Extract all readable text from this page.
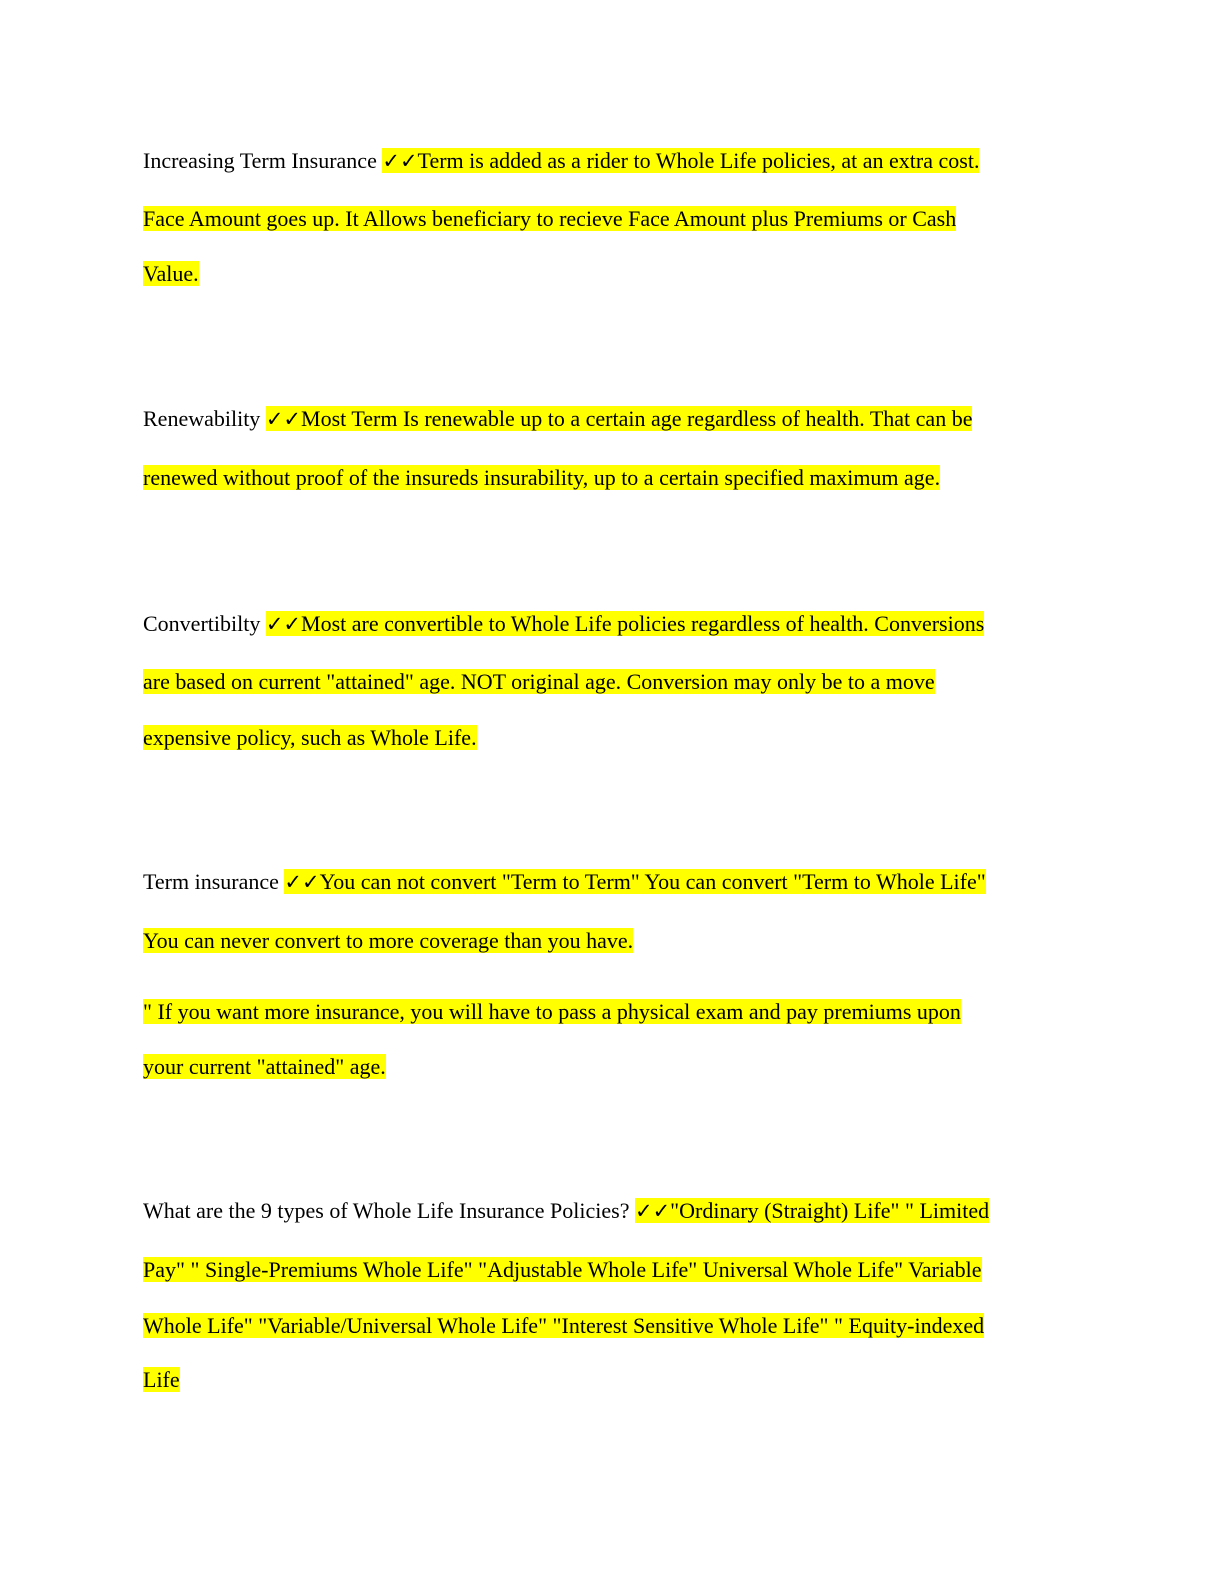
Increasing Term Insurance ✓✓Term is added as a rider to Whole Life policies, at an extra cost.
Face Amount goes up. It Allows beneficiary to recieve Face Amount plus Premiums or Cash
Value.
Renewability ✓✓Most Term Is renewable up to a certain age regardless of health. That can be
renewed without proof of the insureds insurability, up to a certain specified maximum age.
Convertibilty ✓✓Most are convertible to Whole Life policies regardless of health. Conversions
are based on current "attained" age. NOT original age. Conversion may only be to a move
expensive policy, such as Whole Life.
Term insurance ✓✓You can not convert "Term to Term" You can convert "Term to Whole Life"
You can never convert to more coverage than you have.
" If you want more insurance, you will have to pass a physical exam and pay premiums upon
your current "attained" age.
What are the 9 types of Whole Life Insurance Policies? ✓✓"Ordinary (Straight) Life" " Limited
Pay" " Single-Premiums Whole Life" "Adjustable Whole Life" Universal Whole Life" Variable
Whole Life" "Variable/Universal Whole Life" "Interest Sensitive Whole Life" " Equity-indexed
Life
